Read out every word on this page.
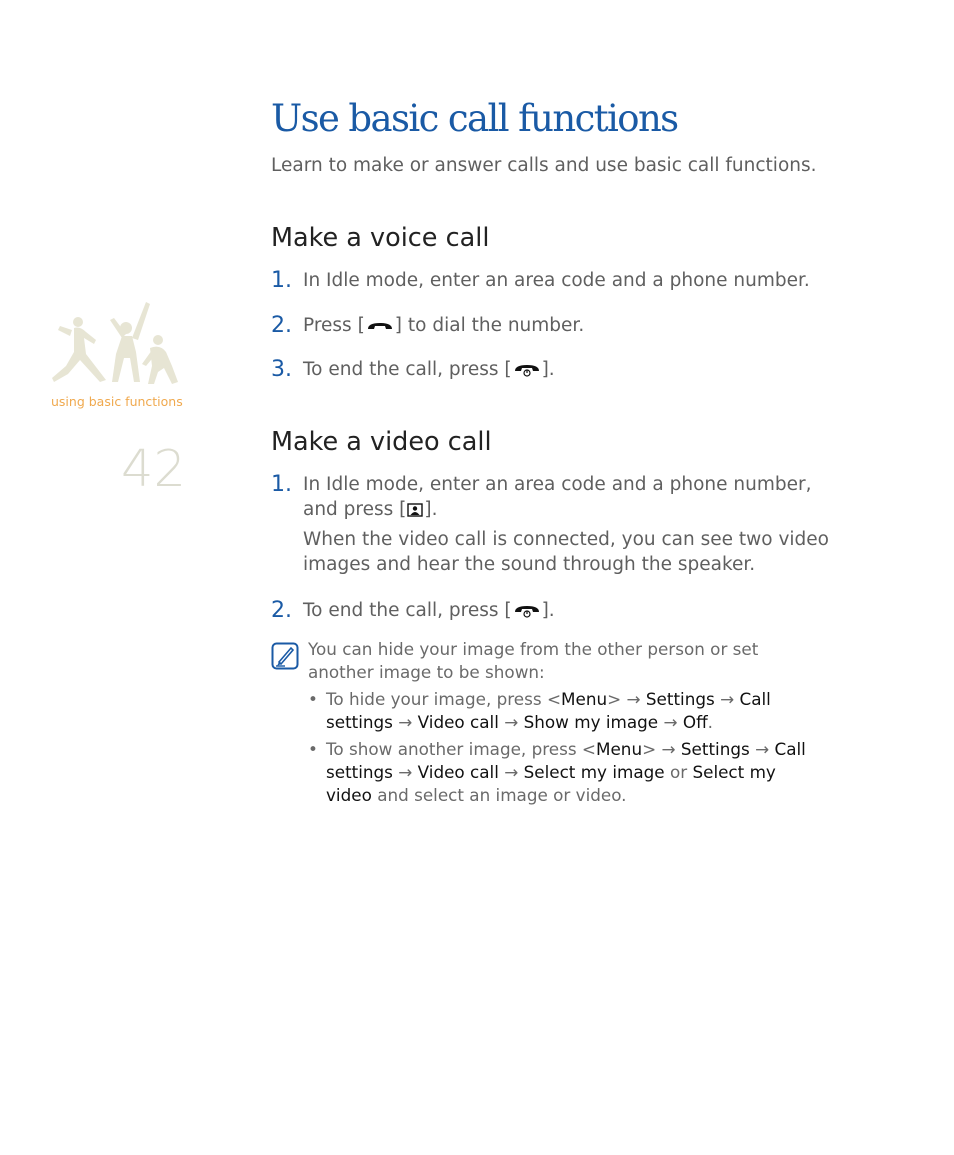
using basic functions
42
Use basic call functions
Learn to make or answer calls and use basic call functions.
Make a voice call
1. In Idle mode, enter an area code and a phone number.
2. Press [ ] to dial the number.
3. To end the call, press [ ].
Make a video call
1. In Idle mode, enter an area code and a phone number,
and press [ ].
When the video call is connected, you can see two video images and hear the sound through the speaker.
2. To end the call, press [ ].
You can hide your image from the other person or set another image to be shown:
• To hide your image, press <Menu> → Settings → Call settings → Video call → Show my image → Off.
• To show another image, press <Menu> → Settings → Call settings → Video call → Select my image or Select my video and select an image or video.
